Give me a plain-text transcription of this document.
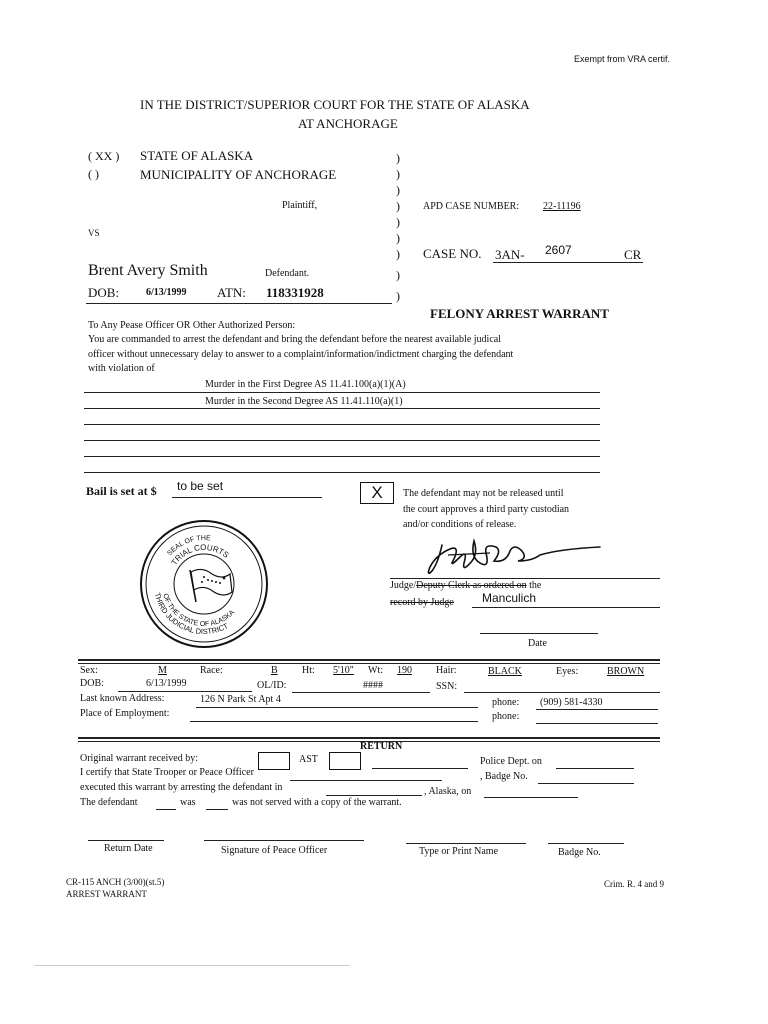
Exempt from VRA certif.
IN THE DISTRICT/SUPERIOR COURT FOR THE STATE OF ALASKA
AT ANCHORAGE
( XX ) STATE OF ALASKA
( )	MUNICIPALITY OF ANCHORAGE
Plaintiff,
VS
Brent Avery Smith	Defendant.
DOB:	6/13/1999 ATN: 118331928
)
)
)
)
)
)
)
)
)
APD CASE NUMBER: 22-11196
CASE NO. 3AN- 2607	CR
FELONY ARREST WARRANT
To Any Pease Officer OR Other Authorized Person:
You are commanded to arrest the defendant and bring the defendant before the nearest available judical
officer without unnecessary delay to answer to a complaint/information/indictment charging the defendant
with violation of
Murder in the First Degree AS 11.41.100(a)(1)(A)
Murder in the Second Degree AS 11.41.110(a)(1)
Bail is set at $ to be set	X	The defendant may not be released until
the court approves a third party custodian
and/or conditions of release.
SEAL OF THE
TRIAL COURTS
OF THE STATE OF ALASKA
THIRD JUDICIAL DISTRICT
Judge/Deputy Clerk as ordered on the
record by Judge Manculich
Date
Sex:	M	Race:	B Ht: 5'10" Wt: 190 Hair:	BLACK	Eyes:	BROWN
DOB:	6/13/1999	OL/ID:	####	SSN:
Last known Address:	126 N Park St Apt 4	phone: (909) 581-4330
Place of Employment:	phone:
RETURN
Original warrant received by:	AST	Police Dept. on
I certify that State Trooper or Peace Officer	, Badge No.
executed this warrant by arresting the defendant in	, Alaska, on
The defendant	was	was not served with a copy of the warrant.
Return Date	Signature of Peace Officer	Type or Print Name	Badge No.
CR-115 ANCH (3/00)(st.5)
ARREST WARRANT
Crim. R. 4 and 9
